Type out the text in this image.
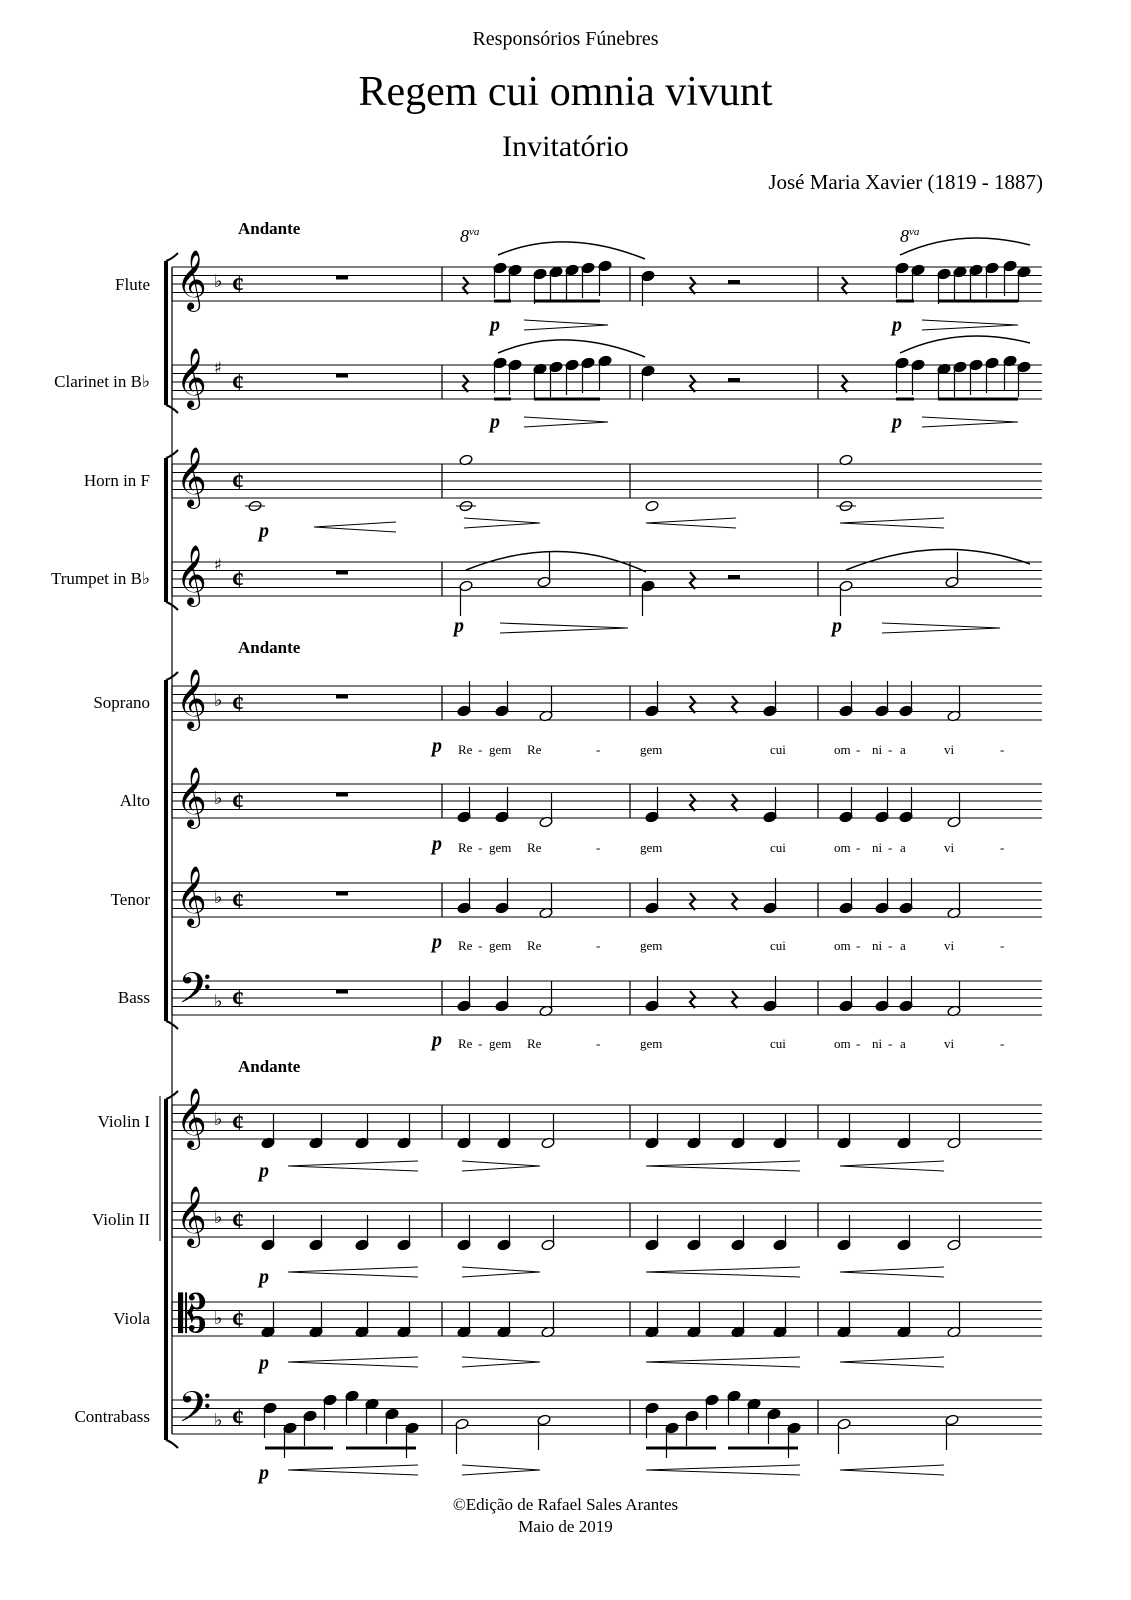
Responsórios Fúnebres
Regem cui omnia vivunt
Invitatório
José Maria Xavier (1819 - 1887)
Andante
Andante
Andante
$8^{va}$	$8^{va}$
Flute
Clarinet in B♭
Horn in F
Trumpet in B♭
Soprano
Alto
Tenor
Bass
Violin I
Violin II
Viola
Contrabass
𝄞
𝄞
𝄞
𝄞
𝄞
𝄞
𝄞
𝄢
𝄞
𝄞
𝄡
𝄢
¢
¢
¢
¢
¢
¢
¢
¢
¢
¢
¢
¢
p	p
p	p
p
p	p
p
p
p
p
p
p
p
p
Re - gem Re	-	gem	cui	om - ni - a	vi	-
Re - gem Re	-	gem	cui	om - ni - a	vi	-
Re - gem Re	-	gem	cui	om - ni - a	vi	-
Re - gem Re	-	gem	cui	om - ni - a	vi	-
©Edição de Rafael Sales Arantes
Maio de 2019
♭
♭
♭
♭
♭
♭
♭
♭
♭
♯
♯
